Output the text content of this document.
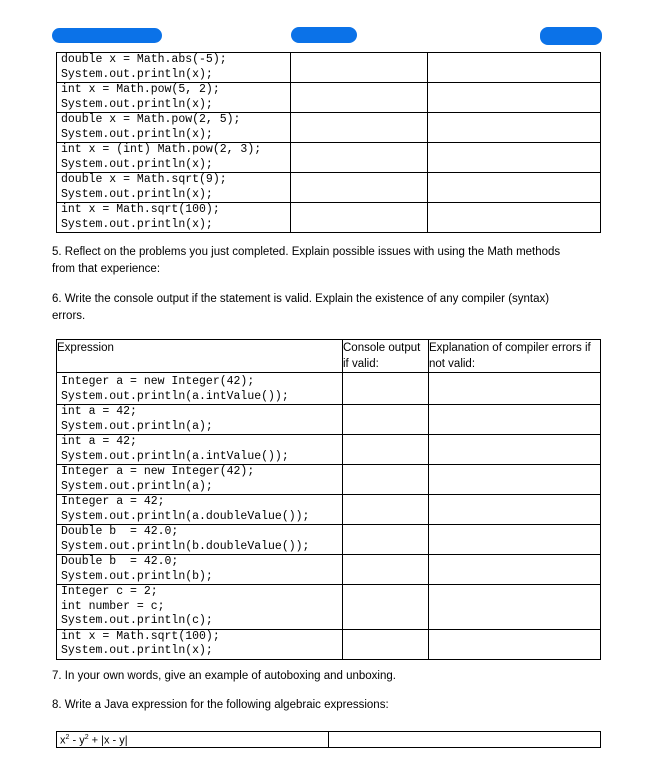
double x = Math.abs(-5);
System.out.println(x);		

int x = Math.pow(5, 2);
System.out.println(x);		

double x = Math.pow(2, 5);
System.out.println(x);		

int x = (int) Math.pow(2, 3);
System.out.println(x);		

double x = Math.sqrt(9);
System.out.println(x);		

int x = Math.sqrt(100);
System.out.println(x);		

5. Reflect on the problems you just completed. Explain possible issues with using the Math methods from that experience:

6. Write the console output if the statement is valid. Explain the existence of any compiler (syntax) errors.

Expression	Console output if valid:	Explanation of compiler errors if not valid:

Integer a = new Integer(42);
System.out.println(a.intValue());		

int a = 42;
System.out.println(a);		

int a = 42;
System.out.println(a.intValue());		

Integer a = new Integer(42);
System.out.println(a);		

Integer a = 42;
System.out.println(a.doubleValue());		

Double b  = 42.0;
System.out.println(b.doubleValue());		

Double b  = 42.0;
System.out.println(b);		

Integer c = 2;
int number = c;
System.out.println(c);		

int x = Math.sqrt(100);
System.out.println(x);		

7. In your own words, give an example of autoboxing and unboxing.

8. Write a Java expression for the following algebraic expressions:

$x^2 - y^2 + |x - y|$	
